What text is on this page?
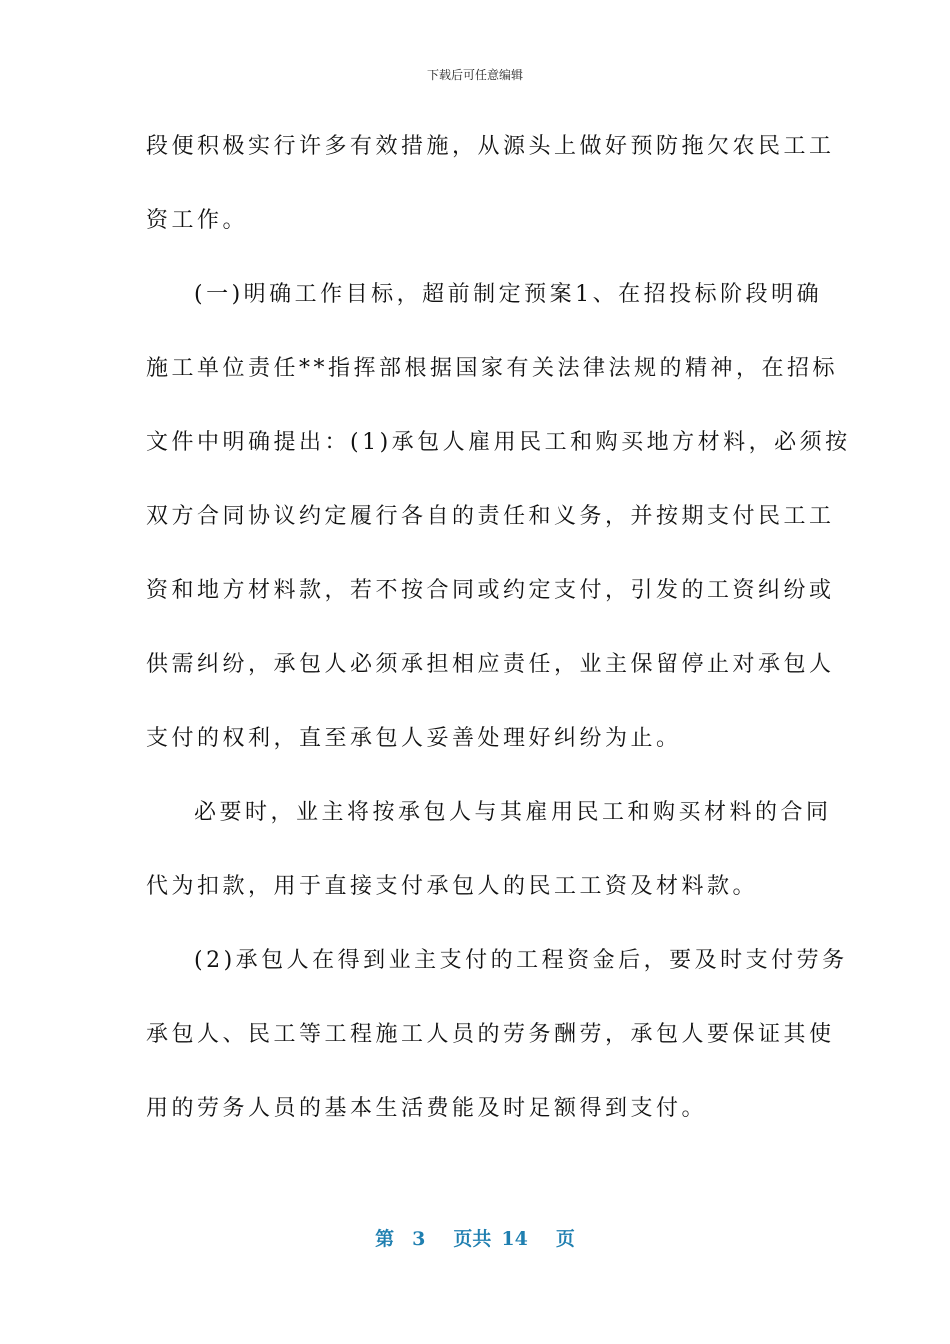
下载后可任意编辑
段便积极实行许多有效措施，从源头上做好预防拖欠农民工工
资工作。
(一)明确工作目标，超前制定预案1、在招投标阶段明确
施工单位责任**指挥部根据国家有关法律法规的精神，在招标
文件中明确提出：(1)承包人雇用民工和购买地方材料，必须按
双方合同协议约定履行各自的责任和义务，并按期支付民工工
资和地方材料款，若不按合同或约定支付，引发的工资纠纷或
供需纠纷，承包人必须承担相应责任，业主保留停止对承包人
支付的权利，直至承包人妥善处理好纠纷为止。
必要时，业主将按承包人与其雇用民工和购买材料的合同
代为扣款，用于直接支付承包人的民工工资及材料款。
(2)承包人在得到业主支付的工程资金后，要及时支付劳务
承包人、民工等工程施工人员的劳务酬劳，承包人要保证其使
用的劳务人员的基本生活费能及时足额得到支付。
第 3 页共 14 页
